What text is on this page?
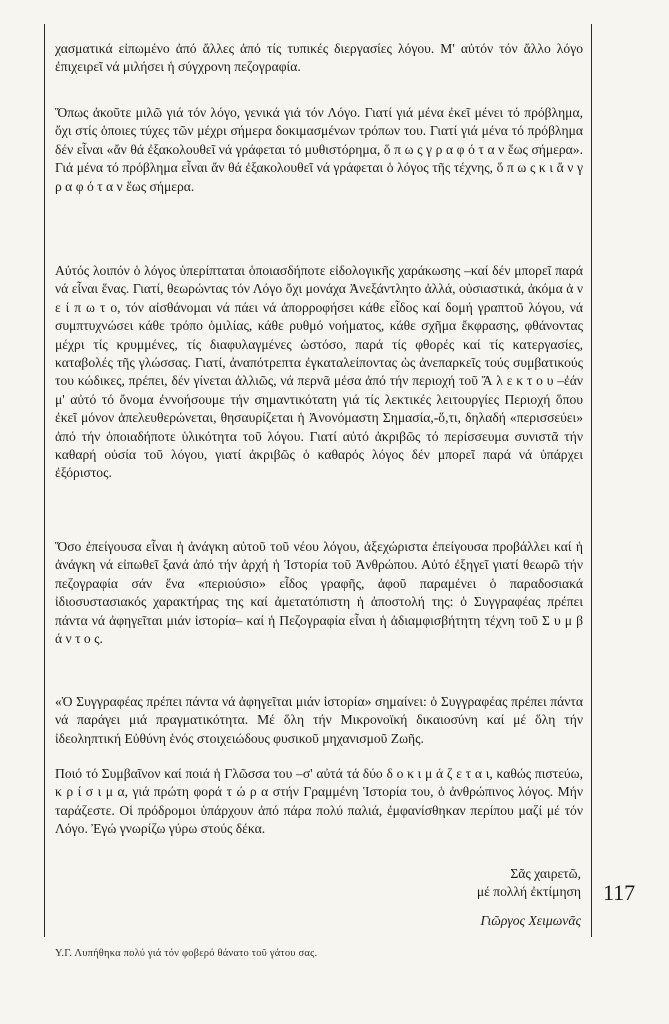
χασματικά εἰπωμένο ἀπό ἄλλες ἀπό τίς τυπικές διεργασίες λόγου. Μ' αὐτόν τόν ἄλλο λόγο ἐπιχειρεῖ νά μιλήσει ἡ σύγχρονη πεζογραφία.

Ὅπως ἀκοῦτε μιλῶ γιά τόν λόγο, γενικά γιά τόν Λόγο. Γιατί γιά μένα ἐκεῖ μένει τό πρόβλημα, ὄχι στίς ὁποιες τύχες τῶν μέχρι σήμερα δοκιμασμένων τρόπων του. Γιατί γιά μένα τό πρόβλημα δέν εἶναι «ἄν θά ἐξακολουθεῖ νά γράφεται τό μυθιστόρημα, ὅ π ω ς γ ρ α φ ό τ α ν ἕως σήμερα». Γιά μένα τό πρόβλημα εἶναι ἄν θά ἐξακολουθεῖ νά γράφεται ὁ λόγος τῆς τέχνης, ὅ π ω ς κ ι ἄ ν γ ρ α φ ό τ α ν ἕως σήμερα.

Αὐτός λοιπόν ὁ λόγος ὑπερίπταται ὁποιασδήποτε εἰδολογικῆς χαράκωσης –καί δέν μπορεῖ παρά νά εἶναι ἕνας. Γιατί, θεωρώντας τόν Λόγο ὄχι μονάχα Ἀνεξάντλητο ἀλλά, οὐσιαστικά, ἀκόμα ἀ ν ε ί π ω τ ο, τόν αἰσθάνομαι νά πάει νά ἀπορροφήσει κάθε εἶδος καί δομή γραπτοῦ λόγου, νά συμπτυχνώσει κάθε τρόπο ὁμιλίας, κάθε ρυθμό νοήματος, κάθε σχῆμα ἔκφρασης, φθάνοντας μέχρι τίς κρυμμένες, τίς διαφυλαγμένες ὡστόσο, παρά τίς φθορές καί τίς κατεργασίες, καταβολές τῆς γλώσσας. Γιατί, ἀναπότρεπτα ἐγκαταλείποντας ὡς ἀνεπαρκεῖς τούς συμβατικούς του κώδικες, πρέπει, δέν γίνεται ἀλλιῶς, νά περνᾶ μέσα ἀπό τήν περιοχή τοῦ Ἄ λ ε κ τ ο υ –ἐάν μ' αὐτό τό ὄνομα ἐννοήσουμε τήν σημαντικότατη γιά τίς λεκτικές λειτουργίες Περιοχή ὅπου ἐκεῖ μόνον ἀπελευθερώνεται, θησαυρίζεται ἡ Ἀνονόμαστη Σημασία,-ὅ,τι, δηλαδή «περισσεύει» ἀπό τήν ὁποιαδήποτε ὑλικότητα τοῦ λόγου. Γιατί αὐτό ἀκριβῶς τό περίσσευμα συνιστᾶ τήν καθαρή οὐσία τοῦ λόγου, γιατί ἀκριβῶς ὁ καθαρός λόγος δέν μπορεῖ παρά νά ὑπάρχει ἐξόριστος.

Ὅσο ἐπείγουσα εἶναι ἡ ἀνάγκη αὐτοῦ τοῦ νέου λόγου, ἀξεχώριστα ἐπείγουσα προβάλλει καί ἡ ἀνάγκη νά εἰπωθεῖ ξανά ἀπό τήν ἀρχή ἡ Ἱστορία τοῦ Ἀνθρώπου. Αὐτό ἐξηγεῖ γιατί θεωρῶ τήν πεζογραφία σάν ἕνα «περιούσιο» εἶδος γραφῆς, ἀφοῦ παραμένει ὁ παραδοσιακά ἰδιοσυστασιακός χαρακτήρας της καί ἀμετατόπιστη ἡ ἀποστολή της: ὁ Συγγραφέας πρέπει πάντα νά ἀφηγεῖται μιάν ἱστορία– καί ἡ Πεζογραφία εἶναι ἡ ἀδιαμφισβήτητη τέχνη τοῦ Σ υ μ β ά ν τ ο ς.

«Ὁ Συγγραφέας πρέπει πάντα νά ἀφηγεῖται μιάν ἱστορία» σημαίνει: ὁ Συγγραφέας πρέπει πάντα νά παράγει μιά πραγματικότητα. Μέ ὅλη τήν Μικρονοϊκή δικαιοσύνη καί μέ ὅλη τήν ἰδεοληπτική Εὐθύνη ἑνός στοιχειώδους φυσικοῦ μηχανισμοῦ Ζωῆς.

Ποιό τό Συμβαῖνον καί ποιά ἡ Γλῶσσα του –σ' αὐτά τά δύο δ ο κ ι μ ά ζ ε τ α ι, καθώς πιστεύω, κ ρ ί σ ι μ α, γιά πρώτη φορά τ ώ ρ α στήν Γραμμένη Ἱστορία του, ὁ ἀνθρώπινος λόγος. Μήν ταράζεστε. Οἱ πρόδρομοι ὑπάρχουν ἀπό πάρα πολύ παλιά, ἐμφανίσθηκαν περίπου μαζί μέ τόν Λόγο. Ἐγώ γνωρίζω γύρω στούς δέκα.

Σᾶς χαιρετῶ,
μέ πολλή ἐκτίμηση
Γιῶργος Χειμωνᾶς
117
Υ.Γ. Λυπήθηκα πολύ γιά τόν φοβερό θάνατο τοῦ γάτου σας.
